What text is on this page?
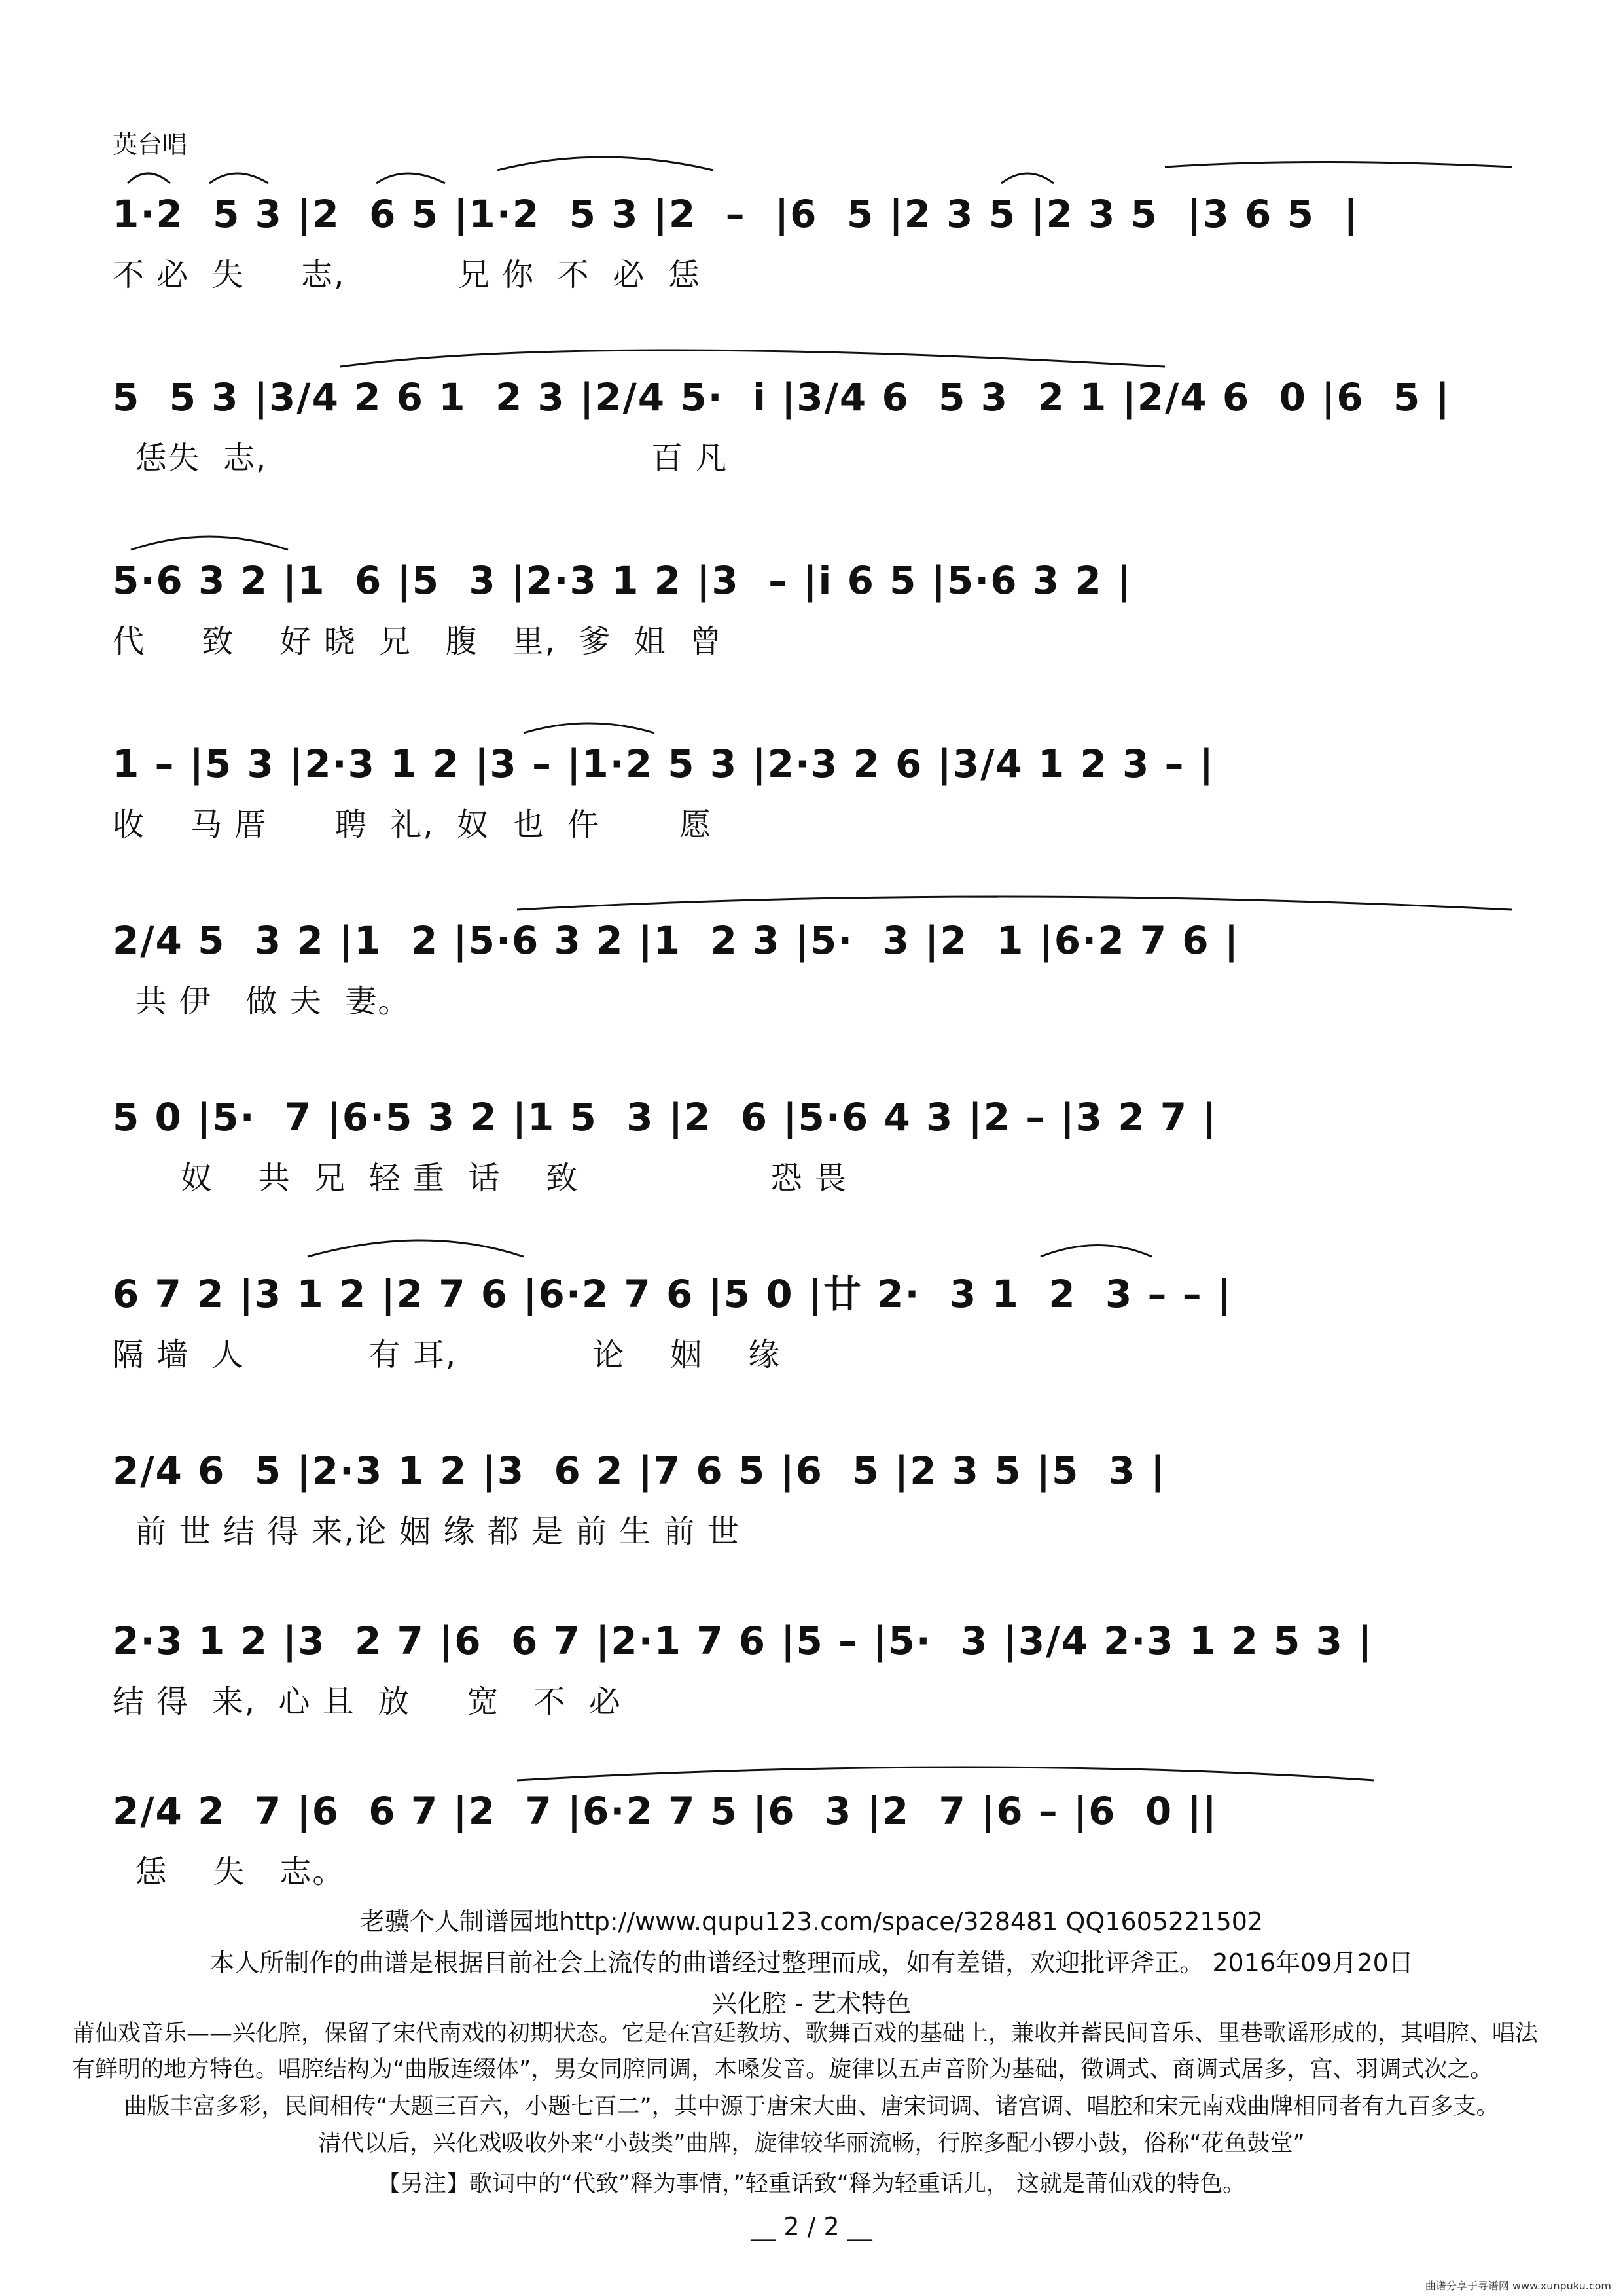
英台唱
1·2  5 3 |2  6 5 |1·2  5 3 |2  –  |6  5 |2 3 5 |2 3 5  |3 6 5  |
不 必  失     志,          兄 你  不  必  恁
5  5 3 |3/4 2 6 1  2 3 |2/4 5·  i |3/4 6  5 3  2 1 |2/4 6  0 |6  5 |
恁失  志,                                  百 凡
5·6 3 2 |1  6 |5  3 |2·3 1 2 |3  – |i 6 5 |5·6 3 2 |
代     致    好 晓  兄   腹   里,  爹  姐  曾
1 – |5 3 |2·3 1 2 |3 – |1·2 5 3 |2·3 2 6 |3/4 1 2 3 – |
收    马 厝      聘  礼,  奴  也  仵       愿
2/4 5  3 2 |1  2 |5·6 3 2 |1  2 3 |5·  3 |2  1 |6·2 7 6 |
共 伊   做 夫  妻。
5 0 |5·  7 |6·5 3 2 |1 5  3 |2  6 |5·6 4 3 |2 – |3 2 7 |
奴    共  兄  轻 重  话    致                 恐 畏
6 7 2 |3 1 2 |2 7 6 |6·2 7 6 |5 0 |廿 2·  3 1  2  3 – – |
隔 墙  人           有 耳,            论    姻    缘
2/4 6  5 |2·3 1 2 |3  6 2 |7 6 5 |6  5 |2 3 5 |5  3 |
前 世 结 得 来,论 姻 缘 都 是 前 生 前 世
2·3 1 2 |3  2 7 |6  6 7 |2·1 7 6 |5 – |5·  3 |3/4 2·3 1 2 5 3 |
结 得  来,  心 且  放     宽   不  必
2/4 2  7 |6  6 7 |2  7 |6·2 7 5 |6  3 |2  7 |6 – |6  0 ||
恁    失   志。
老骥个人制谱园地http://www.qupu123.com/space/328481 QQ1605221502
本人所制作的曲谱是根据目前社会上流传的曲谱经过整理而成，如有差错，欢迎批评斧正。 2016年09月20日
兴化腔 - 艺术特色
莆仙戏音乐——兴化腔，保留了宋代南戏的初期状态。它是在宫廷教坊、歌舞百戏的基础上，兼收并蓄民间音乐、里巷歌谣形成的，其唱腔、唱法有鲜明的地方特色。唱腔结构为“曲版连缀体”，男女同腔同调，本嗓发音。旋律以五声音阶为基础，徵调式、商调式居多，宫、羽调式次之。
曲版丰富多彩，民间相传“大题三百六，小题七百二”，其中源于唐宋大曲、唐宋词调、诸宫调、唱腔和宋元南戏曲牌相同者有九百多支。
清代以后，兴化戏吸收外来“小鼓类”曲牌，旋律较华丽流畅，行腔多配小锣小鼓，俗称“花鱼鼓堂”
【另注】歌词中的“代致”释为事情，”轻重话致“释为轻重话儿， 这就是莆仙戏的特色。
__ 2 / 2 __
曲谱分享于寻谱网 www.xunpuku.com
